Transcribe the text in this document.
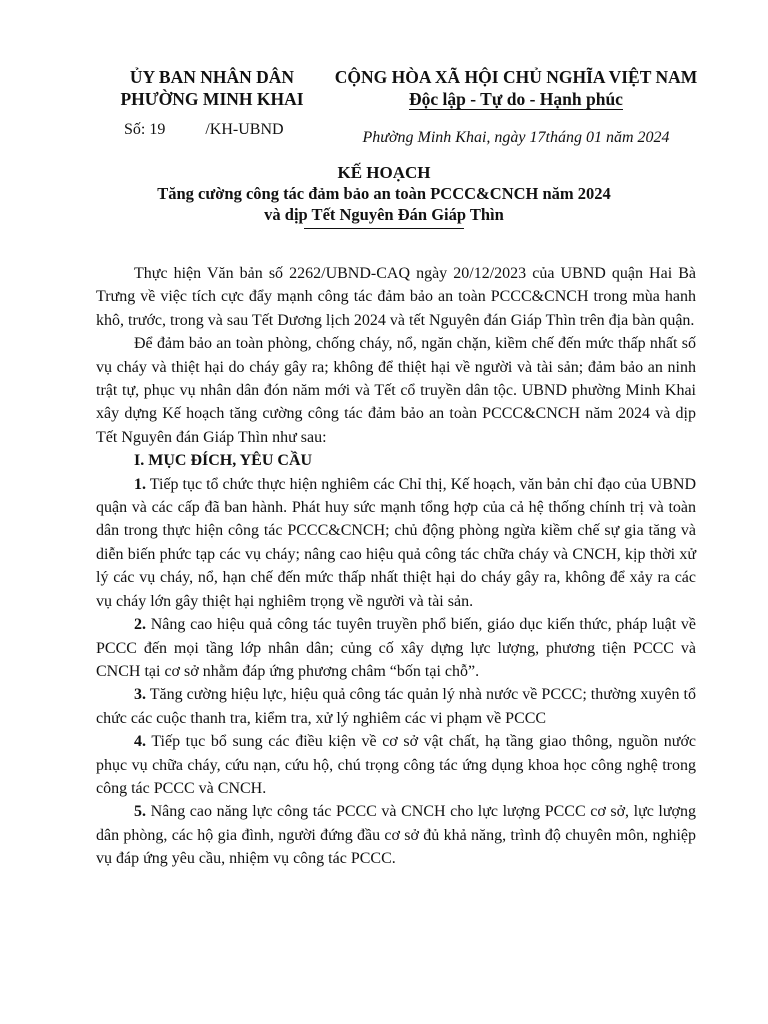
ỦY BAN NHÂN DÂN
PHƯỜNG MINH KHAI
CỘNG HÒA XÃ HỘI CHỦ NGHĨA VIỆT NAM
Độc lập - Tự do - Hạnh phúc
Số: 19	/KH-UBND	Phường Minh Khai, ngày 17tháng 01 năm 2024
KẾ HOẠCH
Tăng cường công tác đảm bảo an toàn PCCC&CNCH năm 2024
và dịp Tết Nguyên Đán Giáp Thìn

Thực hiện Văn bản số 2262/UBND-CAQ ngày 20/12/2023 của UBND quận Hai Bà Trưng về việc tích cực đẩy mạnh công tác đảm bảo an toàn PCCC&CNCH trong mùa hanh khô, trước, trong và sau Tết Dương lịch 2024 và tết Nguyên đán Giáp Thìn trên địa bàn quận.

Để đảm bảo an toàn phòng, chống cháy, nổ, ngăn chặn, kiềm chế đến mức thấp nhất số vụ cháy và thiệt hại do cháy gây ra; không để thiệt hại về người và tài sản; đảm bảo an ninh trật tự, phục vụ nhân dân đón năm mới và Tết cổ truyền dân tộc. UBND phường Minh Khai xây dựng Kế hoạch tăng cường công tác đảm bảo an toàn PCCC&CNCH năm 2024 và dịp Tết Nguyên đán Giáp Thìn như sau:

I. MỤC ĐÍCH, YÊU CẦU

1. Tiếp tục tổ chức thực hiện nghiêm các Chỉ thị, Kế hoạch, văn bản chỉ đạo của UBND quận và các cấp đã ban hành. Phát huy sức mạnh tổng hợp của cả hệ thống chính trị và toàn dân trong thực hiện công tác PCCC&CNCH; chủ động phòng ngừa kiềm chế sự gia tăng và diễn biến phức tạp các vụ cháy; nâng cao hiệu quả công tác chữa cháy và CNCH, kịp thời xử lý các vụ cháy, nổ, hạn chế đến mức thấp nhất thiệt hại do cháy gây ra, không để xảy ra các vụ cháy lớn gây thiệt hại nghiêm trọng về người và tài sản.

2. Nâng cao hiệu quả công tác tuyên truyền phổ biến, giáo dục kiến thức, pháp luật về PCCC đến mọi tầng lớp nhân dân; củng cố xây dựng lực lượng, phương tiện PCCC và CNCH tại cơ sở nhằm đáp ứng phương châm “bốn tại chỗ”.

3. Tăng cường hiệu lực, hiệu quả công tác quản lý nhà nước về PCCC; thường xuyên tổ chức các cuộc thanh tra, kiểm tra, xử lý nghiêm các vi phạm về PCCC

4. Tiếp tục bổ sung các điều kiện về cơ sở vật chất, hạ tầng giao thông, nguồn nước phục vụ chữa cháy, cứu nạn, cứu hộ, chú trọng công tác ứng dụng khoa học công nghệ trong công tác PCCC và CNCH.

5. Nâng cao năng lực công tác PCCC và CNCH cho lực lượng PCCC cơ sở, lực lượng dân phòng, các hộ gia đình, người đứng đầu cơ sở đủ khả năng, trình độ chuyên môn, nghiệp vụ đáp ứng yêu cầu, nhiệm vụ công tác PCCC.
